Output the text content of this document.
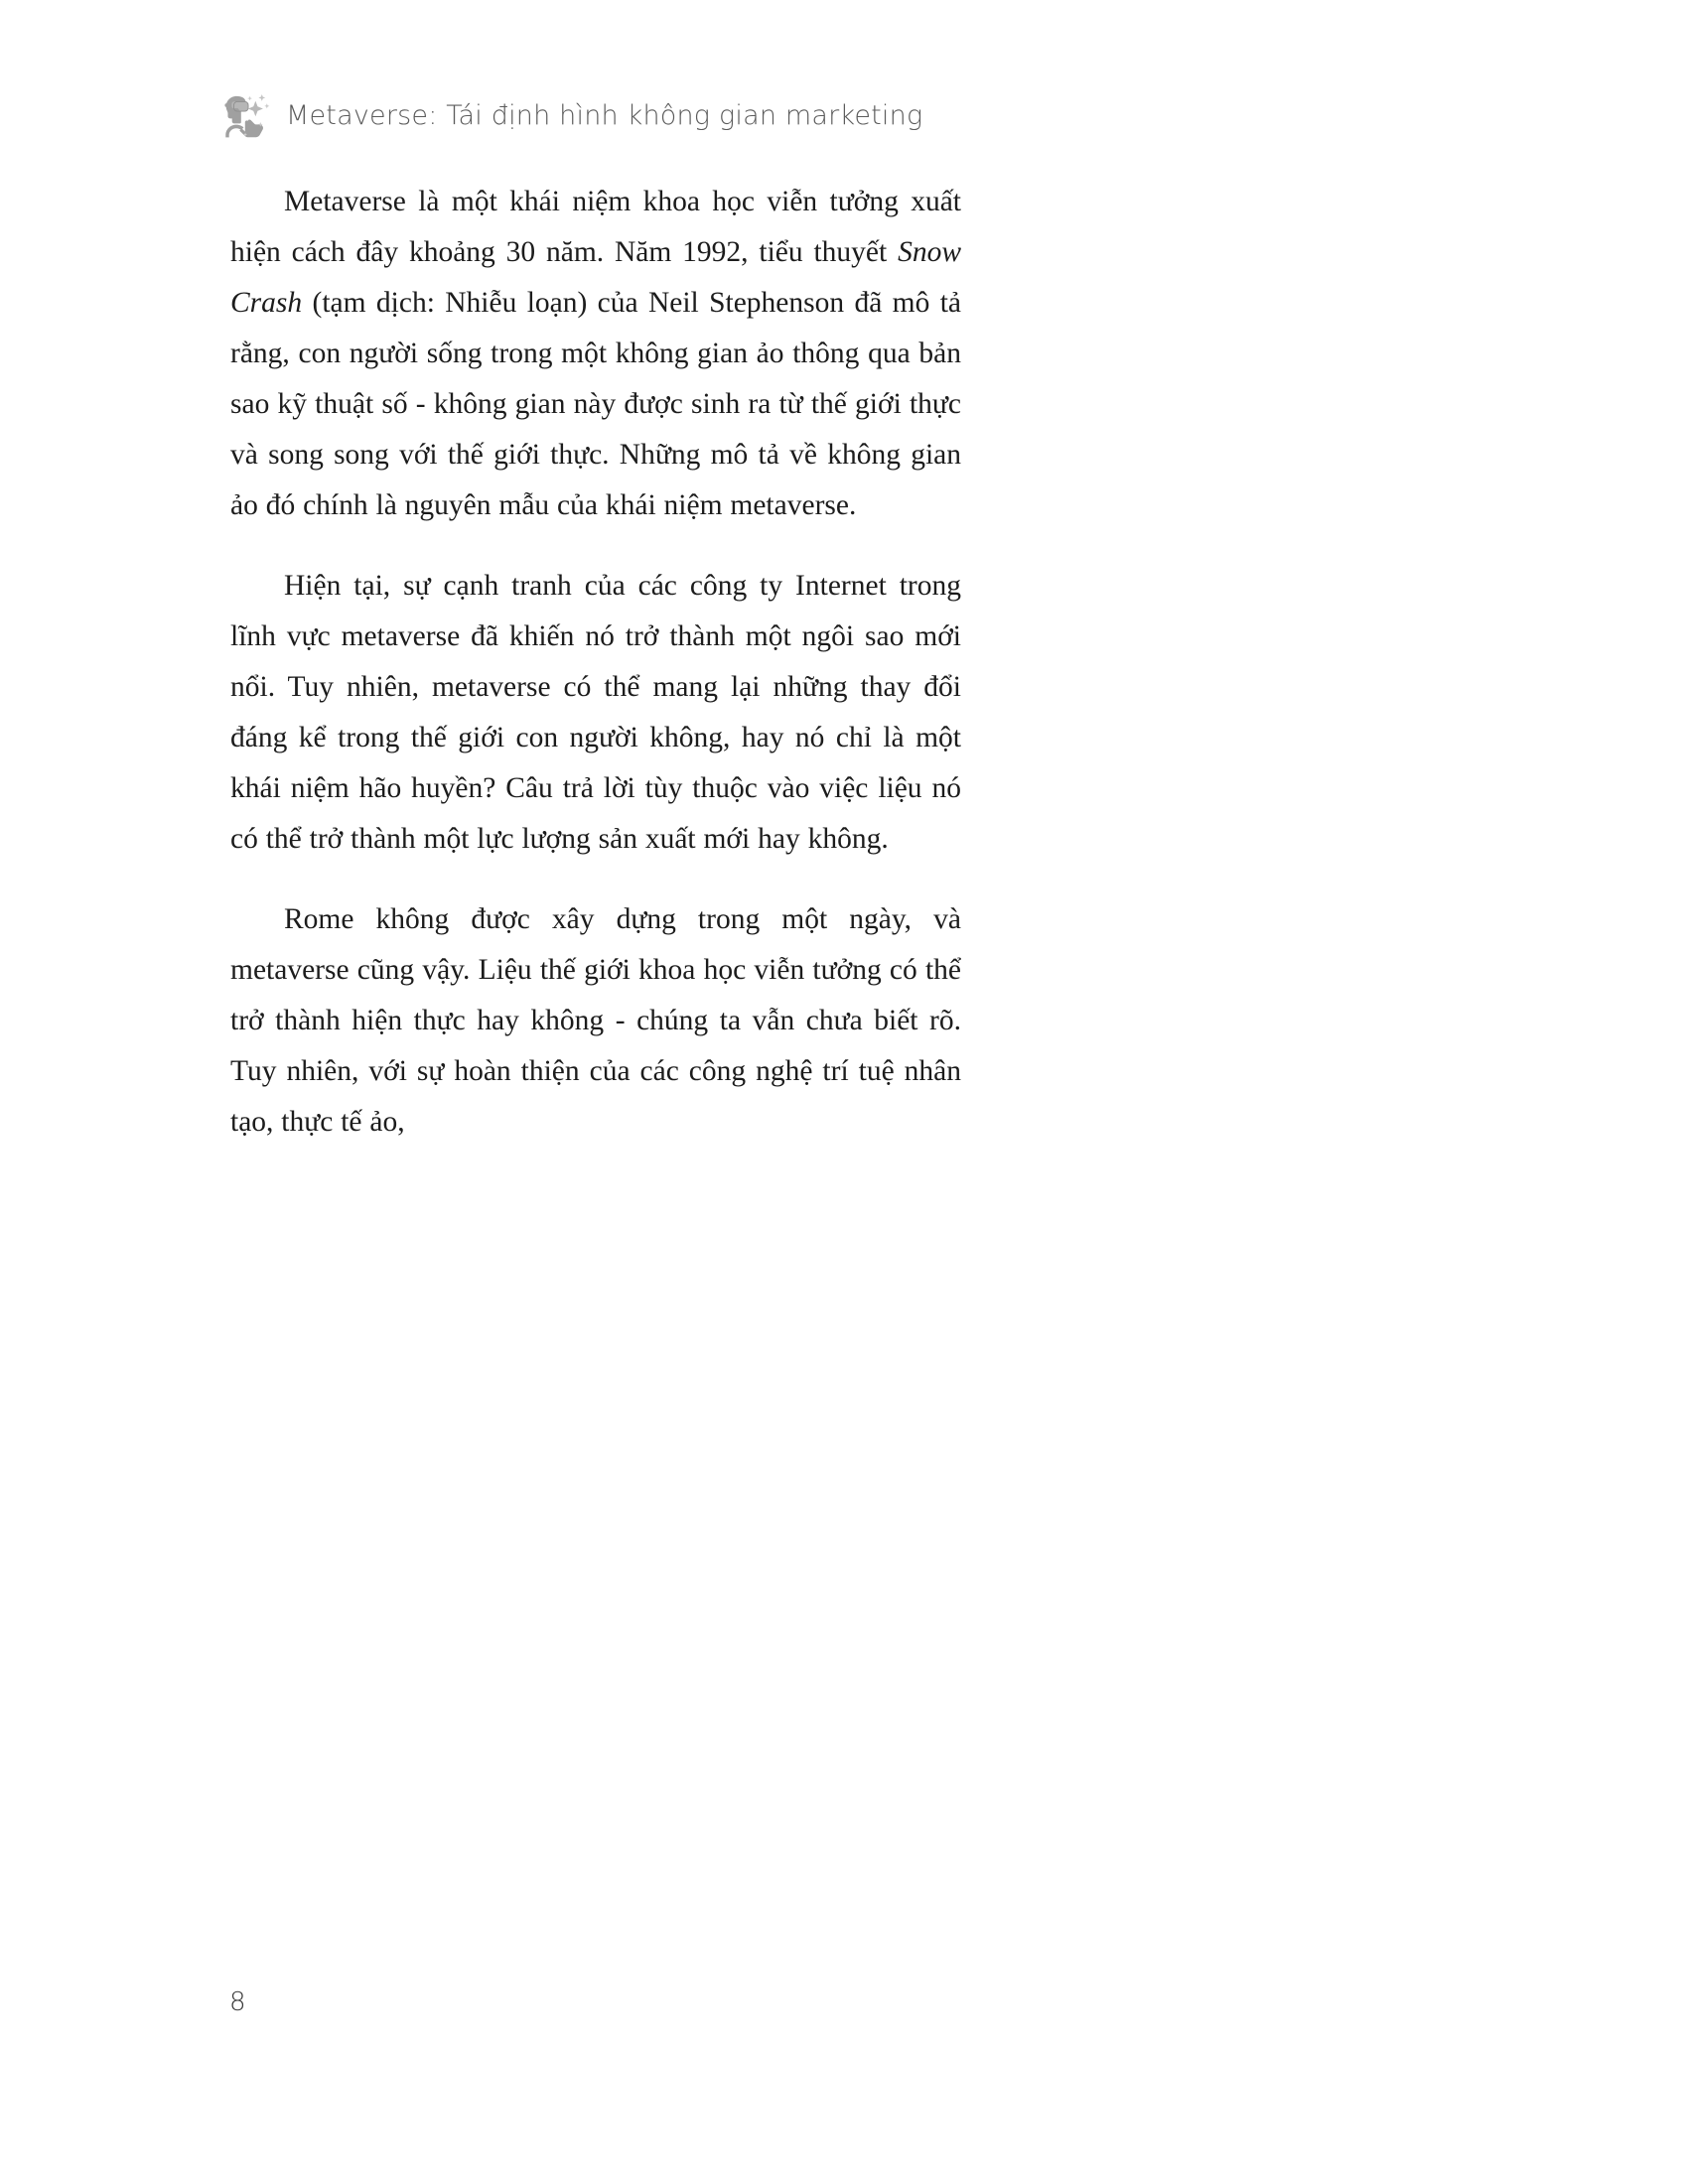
Metaverse: Tái định hình không gian marketing

Metaverse là một khái niệm khoa học viễn tưởng xuất hiện cách đây khoảng 30 năm. Năm 1992, tiểu thuyết Snow Crash (tạm dịch: Nhiễu loạn) của Neil Stephenson đã mô tả rằng, con người sống trong một không gian ảo thông qua bản sao kỹ thuật số - không gian này được sinh ra từ thế giới thực và song song với thế giới thực. Những mô tả về không gian ảo đó chính là nguyên mẫu của khái niệm metaverse.

Hiện tại, sự cạnh tranh của các công ty Internet trong lĩnh vực metaverse đã khiến nó trở thành một ngôi sao mới nổi. Tuy nhiên, metaverse có thể mang lại những thay đổi đáng kể trong thế giới con người không, hay nó chỉ là một khái niệm hão huyền? Câu trả lời tùy thuộc vào việc liệu nó có thể trở thành một lực lượng sản xuất mới hay không.

Rome không được xây dựng trong một ngày, và metaverse cũng vậy. Liệu thế giới khoa học viễn tưởng có thể trở thành hiện thực hay không - chúng ta vẫn chưa biết rõ. Tuy nhiên, với sự hoàn thiện của các công nghệ trí tuệ nhân tạo, thực tế ảo,

8
